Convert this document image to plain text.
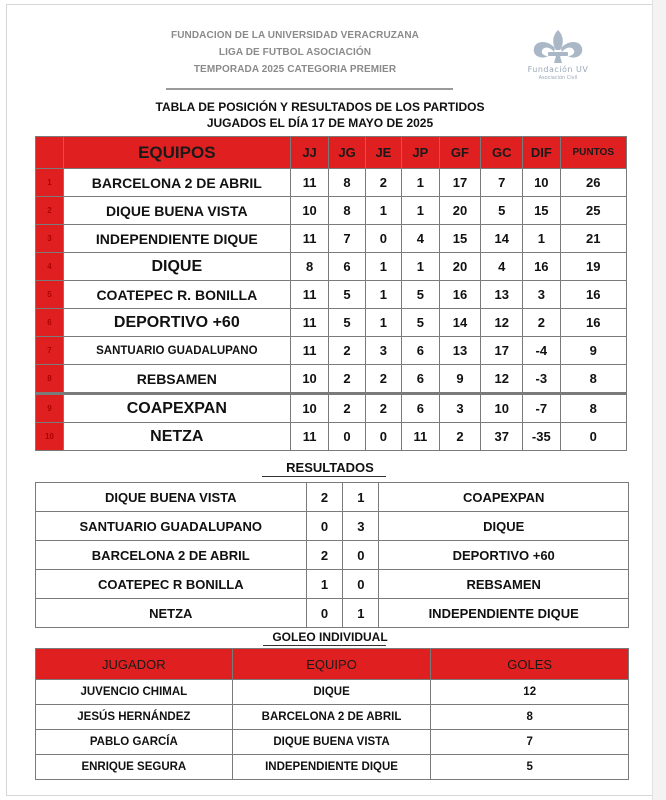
FUNDACION DE LA UNIVERSIDAD VERACRUZANA
LIGA DE FUTBOL ASOCIACIÓN
TEMPORADA 2025 CATEGORIA PREMIER	Fundación UV
Asociación Civil
TABLA DE POSICIÓN Y RESULTADOS DE LOS PARTIDOS
JUGADOS EL DÍA 17 DE MAYO DE 2025
	EQUIPOS	JJ	JG	JE	JP	GF	GC	DIF	PUNTOS
1	BARCELONA 2 DE ABRIL	11	8	2	1	17	7	10	26
2	DIQUE BUENA VISTA	10	8	1	1	20	5	15	25
3	INDEPENDIENTE DIQUE	11	7	0	4	15	14	1	21
4	DIQUE	8	6	1	1	20	4	16	19
5	COATEPEC R. BONILLA	11	5	1	5	16	13	3	16
6	DEPORTIVO +60	11	5	1	5	14	12	2	16
7	SANTUARIO GUADALUPANO	11	2	3	6	13	17	-4	9
8	REBSAMEN	10	2	2	6	9	12	-3	8
9	COAPEXPAN	10	2	2	6	3	10	-7	8
10	NETZA	11	0	0	11	2	37	-35	0
RESULTADOS
DIQUE BUENA VISTA	2	1	COAPEXPAN
SANTUARIO GUADALUPANO	0	3	DIQUE
BARCELONA 2 DE ABRIL	2	0	DEPORTIVO +60
COATEPEC R BONILLA	1	0	REBSAMEN
NETZA	0	1	INDEPENDIENTE DIQUE
GOLEO INDIVIDUAL
JUGADOR	EQUIPO	GOLES
JUVENCIO CHIMAL	DIQUE	12
JESÚS HERNÁNDEZ	BARCELONA 2 DE ABRIL	8
PABLO GARCÍA	DIQUE BUENA VISTA	7
ENRIQUE SEGURA	INDEPENDIENTE DIQUE	5
